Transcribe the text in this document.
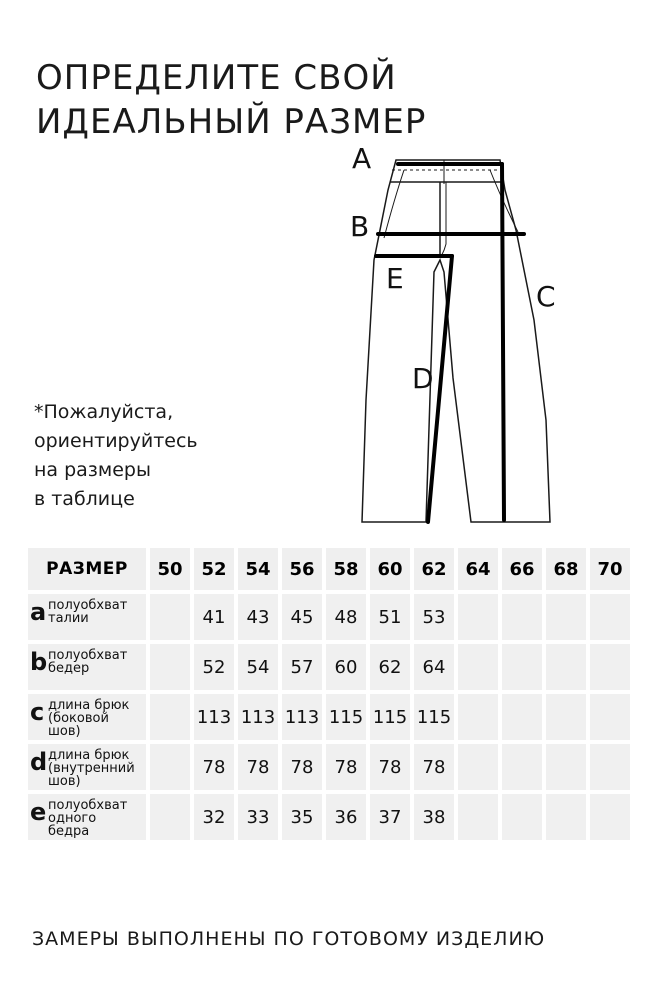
ОПРЕДЕЛИТЕ СВОЙ
ИДЕАЛЬНЫЙ РАЗМЕР
A
B
C
E
D
*Пожалуйста,
ориентируйтесь
на размеры
в таблице
РАЗМЕР	50	52	54	56	58	60	62	64	66	68	70

a полуобхват
талии		41	43	45	48	51	53				

b полуобхват
бедер		52	54	57	60	62	64				

c длина брюк
(боковой
шов)		113	113	113	115	115	115				

d длина брюк
(внутренний
шов)		78	78	78	78	78	78				

e полуобхват
одного
бедра		32	33	35	36	37	38				
ЗАМЕРЫ ВЫПОЛНЕНЫ ПО ГОТОВОМУ ИЗДЕЛИЮ
